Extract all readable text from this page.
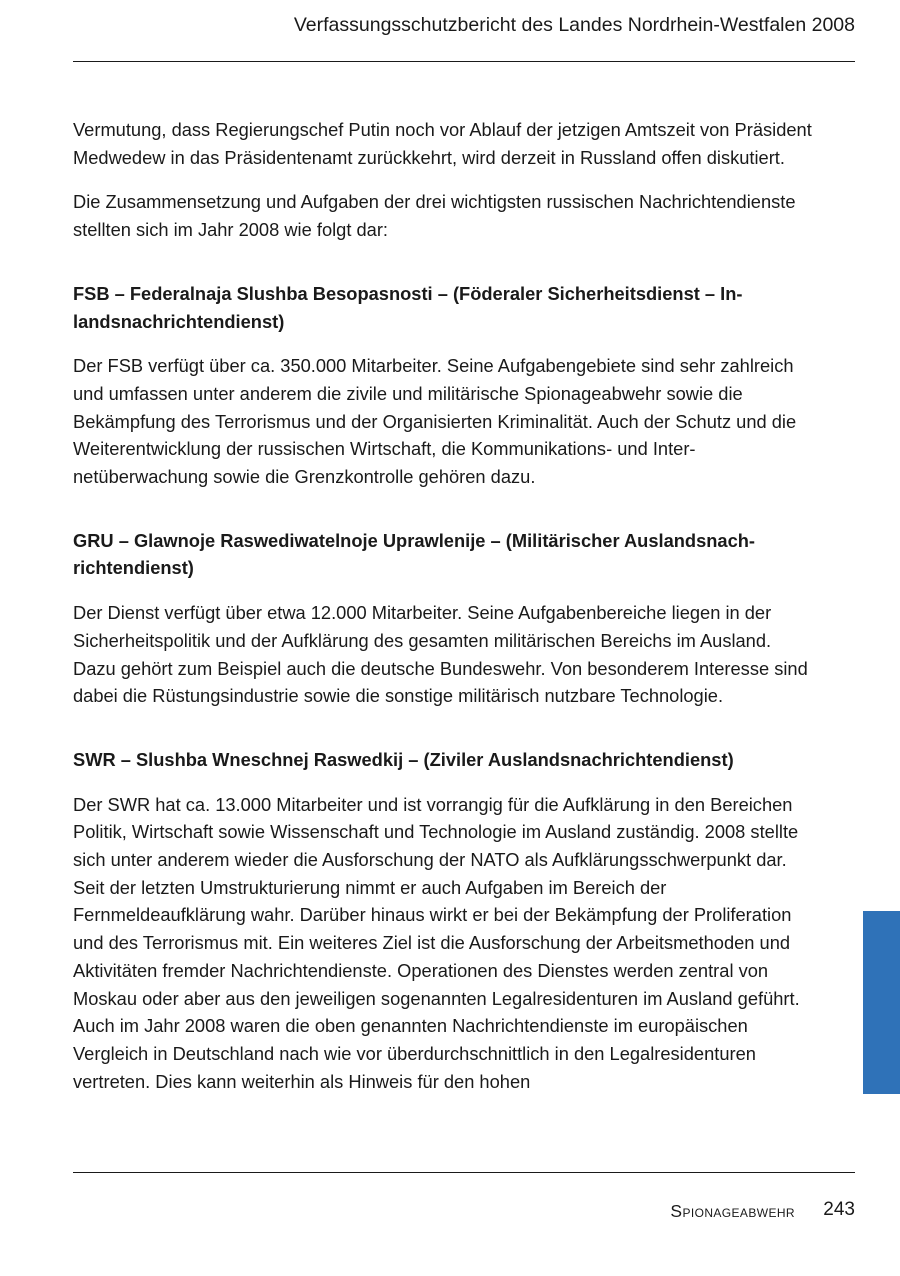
Verfassungsschutzbericht des Landes Nordrhein-Westfalen 2008

Vermutung, dass Regierungschef Putin noch vor Ablauf der jetzigen Amtszeit von Präsident Medwedew in das Präsidentenamt zurückkehrt, wird derzeit in Russland offen diskutiert.

Die Zusammensetzung und Aufgaben der drei wichtigsten russischen Nachrichtendienste stellten sich im Jahr 2008 wie folgt dar:

FSB – Federalnaja Slushba Besopasnosti – (Föderaler Sicherheitsdienst – Inlandsnachrichtendienst)

Der FSB verfügt über ca. 350.000 Mitarbeiter. Seine Aufgabengebiete sind sehr zahlreich und umfassen unter anderem die zivile und militärische Spionageabwehr sowie die Bekämpfung des Terrorismus und der Organisierten Kriminalität. Auch der Schutz und die Weiterentwicklung der russischen Wirtschaft, die Kommunikations- und Internetüberwachung sowie die Grenzkontrolle gehören dazu.

GRU – Glawnoje Raswediwatelnoje Uprawlenije – (Militärischer Auslandsnachrichtendienst)

Der Dienst verfügt über etwa 12.000 Mitarbeiter. Seine Aufgabenbereiche liegen in der Sicherheitspolitik und der Aufklärung des gesamten militärischen Bereichs im Ausland. Dazu gehört zum Beispiel auch die deutsche Bundeswehr. Von besonderem Interesse sind dabei die Rüstungsindustrie sowie die sonstige militärisch nutzbare Technologie.

SWR – Slushba Wneschnej Raswedkij – (Ziviler Auslandsnachrichtendienst)

Der SWR hat ca. 13.000 Mitarbeiter und ist vorrangig für die Aufklärung in den Bereichen Politik, Wirtschaft sowie Wissenschaft und Technologie im Ausland zuständig. 2008 stellte sich unter anderem wieder die Ausforschung der NATO als Aufklärungsschwerpunkt dar. Seit der letzten Umstrukturierung nimmt er auch Aufgaben im Bereich der Fernmeldeaufklärung wahr. Darüber hinaus wirkt er bei der Bekämpfung der Proliferation und des Terrorismus mit. Ein weiteres Ziel ist die Ausforschung der Arbeitsmethoden und Aktivitäten fremder Nachrichtendienste. Operationen des Dienstes werden zentral von Moskau oder aber aus den jeweiligen sogenannten Legalresidenturen im Ausland geführt. Auch im Jahr 2008 waren die oben genannten Nachrichtendienste im europäischen Vergleich in Deutschland nach wie vor überdurchschnittlich in den Legalresidenturen vertreten. Dies kann weiterhin als Hinweis für den hohen

Spionageabwehr 243
